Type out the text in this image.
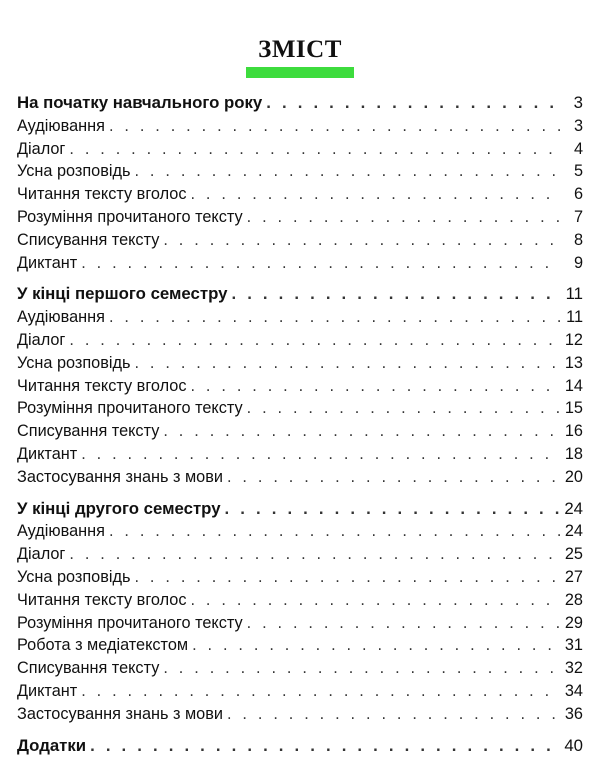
ЗМІСТ
На початку навчального року . . .	3
Аудіювання . . .	3
Діалог . . .	4
Усна розповідь . . .	5
Читання тексту вголос . . .	6
Розуміння прочитаного тексту . . .	7
Списування тексту . . .	8
Диктант . . .	9
У кінці першого семестру . . .	11
Аудіювання . . .	11
Діалог . . .	12
Усна розповідь . . .	13
Читання тексту вголос . . .	14
Розуміння прочитаного тексту . . .	15
Списування тексту . . .	16
Диктант . . .	18
Застосування знань з мови . . .	20
У кінці другого семестру . . .	24
Аудіювання . . .	24
Діалог . . .	25
Усна розповідь . . .	27
Читання тексту вголос . . .	28
Розуміння прочитаного тексту . . .	29
Робота з медіатекстом . . .	31
Списування тексту . . .	32
Диктант . . .	34
Застосування знань з мови . . .	36
Додатки . . .	40
